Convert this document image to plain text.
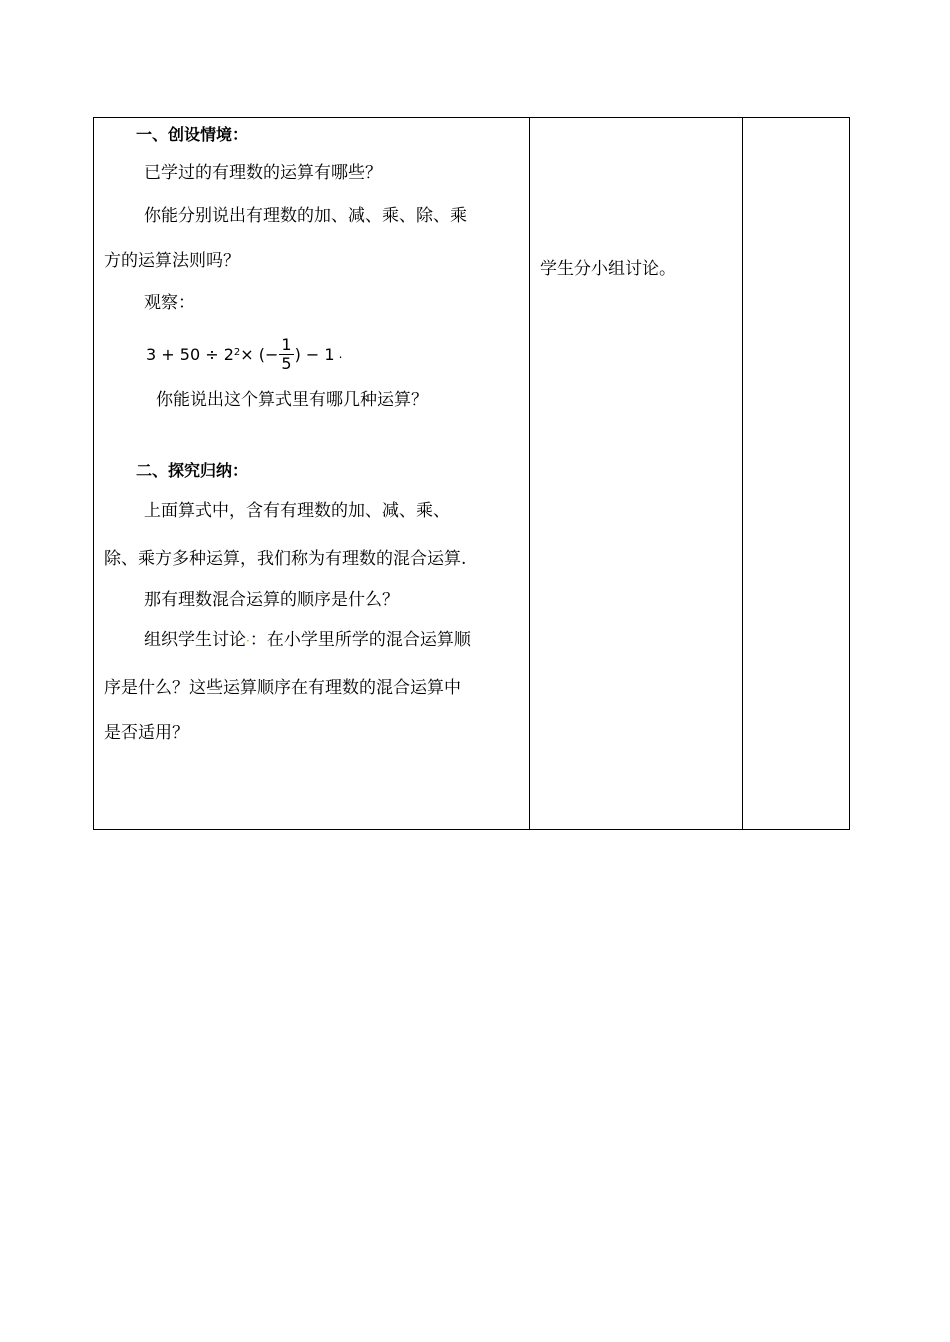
一、创设情境：
已学过的有理数的运算有哪些？
你能分别说出有理数的加、减、乘、除、乘
方的运算法则吗？
观察：
$3 + 50 \div 2^2$ × (− $\frac{1}{5}$ ) − 1 .
你能说出这个算式里有哪几种运算？
二、探究归纳：
上面算式中，含有有理数的加、减、乘、
除、乘方多种运算，我们称为有理数的混合运算.
那有理数混合运算的顺序是什么？
组织学生讨论·：在小学里所学的混合运算顺
序是什么？这些运算顺序在有理数的混合运算中
是否适用？
学生分小组讨论。
